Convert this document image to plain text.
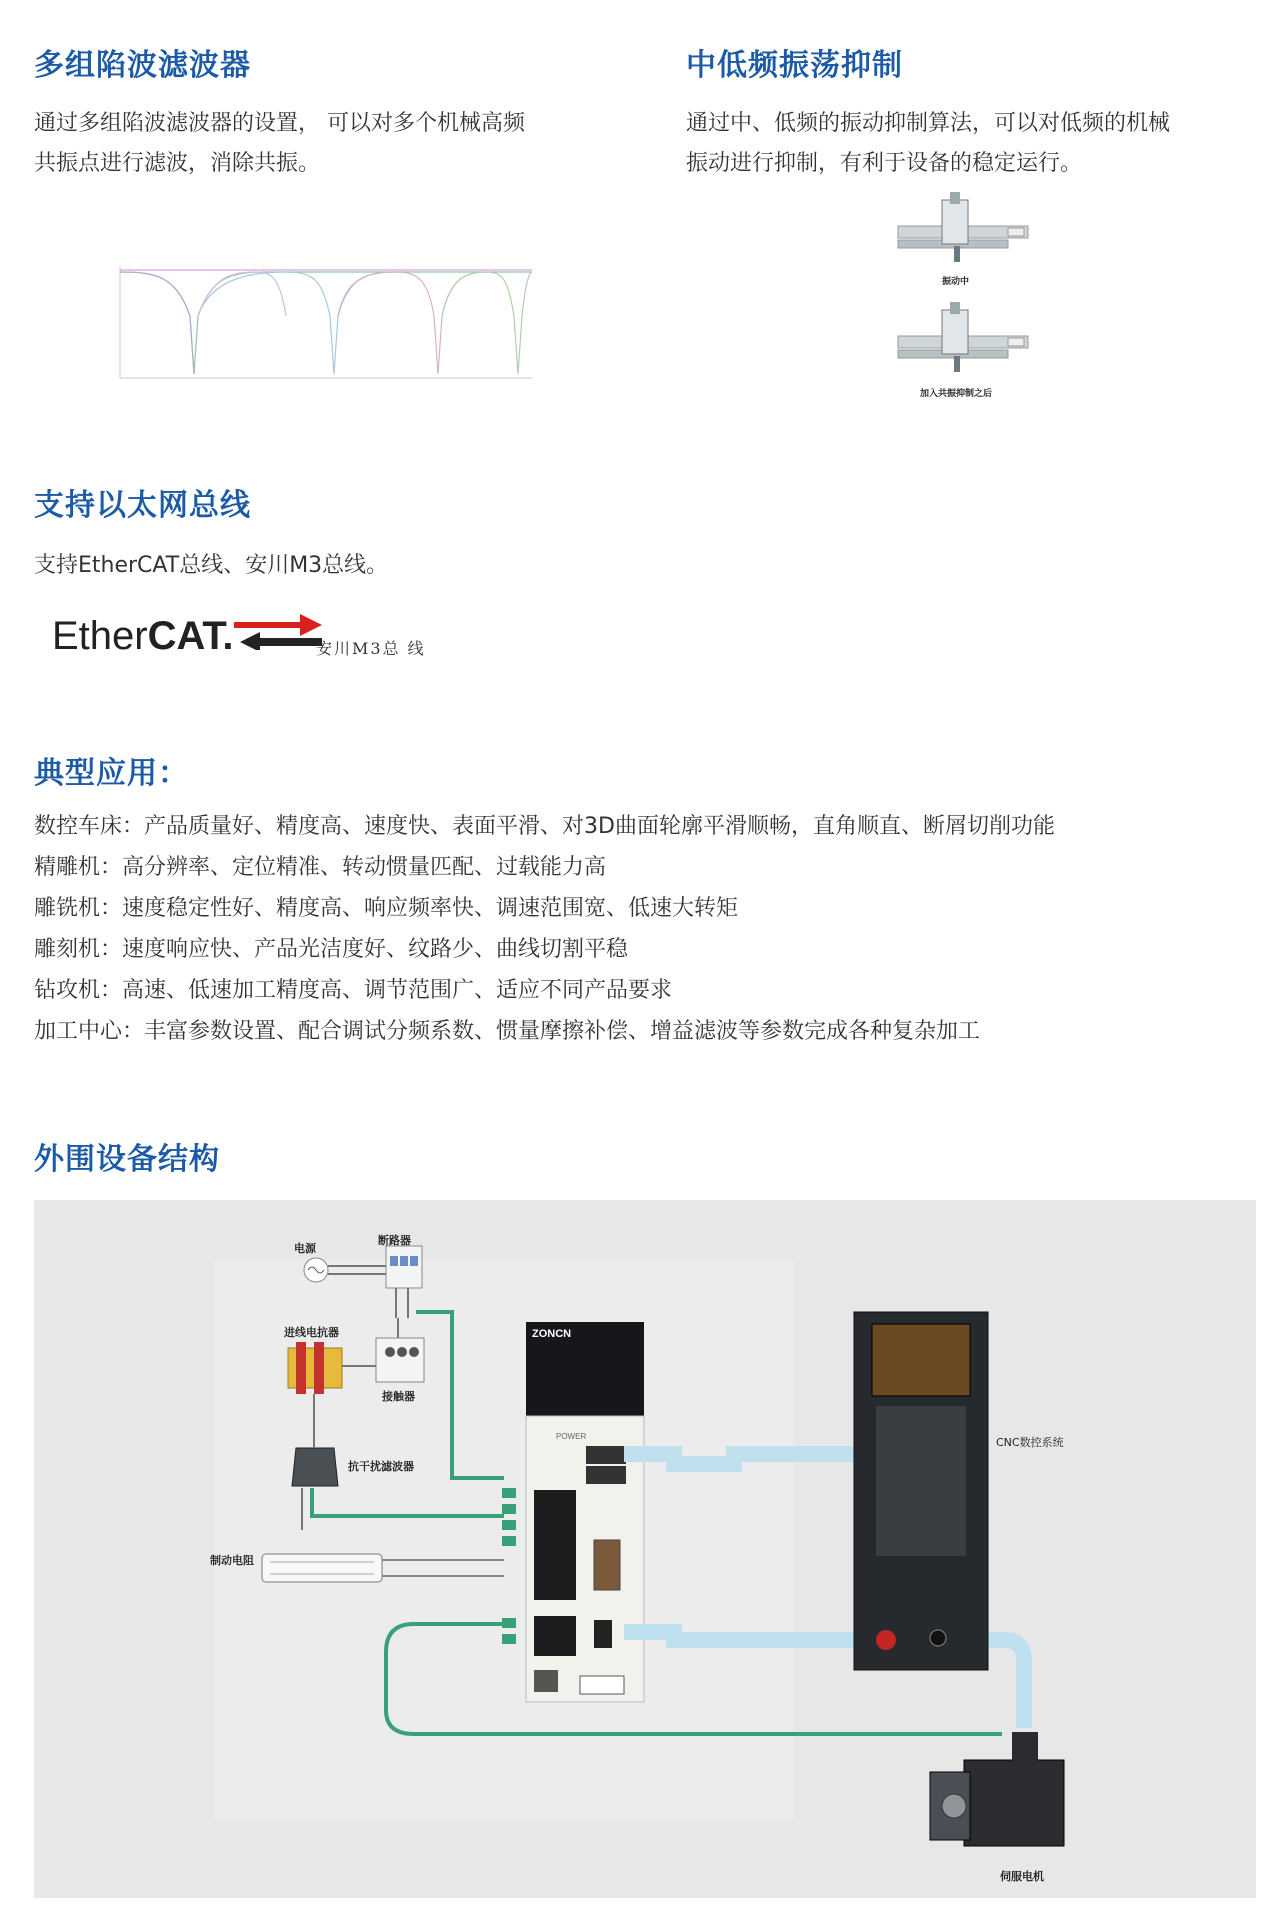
多组陷波滤波器
通过多组陷波滤波器的设置， 可以对多个机械高频
共振点进行滤波，消除共振。
中低频振荡抑制
通过中、低频的振动抑制算法，可以对低频的机械
振动进行抑制，有利于设备的稳定运行。
振动中
加入共振抑制之后
支持以太网总线
支持EtherCAT总线、安川M3总线。
EtherCAT.	安川M3总 线
典型应用：
数控车床：产品质量好、精度高、速度快、表面平滑、对3D曲面轮廓平滑顺畅，直角顺直、断屑切削功能
精雕机：高分辨率、定位精准、转动惯量匹配、过载能力高
雕铣机：速度稳定性好、精度高、响应频率快、调速范围宽、低速大转矩
雕刻机：速度响应快、产品光洁度好、纹路少、曲线切割平稳
钻攻机：高速、低速加工精度高、调节范围广、适应不同产品要求
加工中心：丰富参数设置、配合调试分频系数、惯量摩擦补偿、增益滤波等参数完成各种复杂加工
外围设备结构
电源
断路器
进线电抗器
接触器
抗干扰滤波器
制动电阻
CNC数控系统
伺服电机
ZONCN
POWER
